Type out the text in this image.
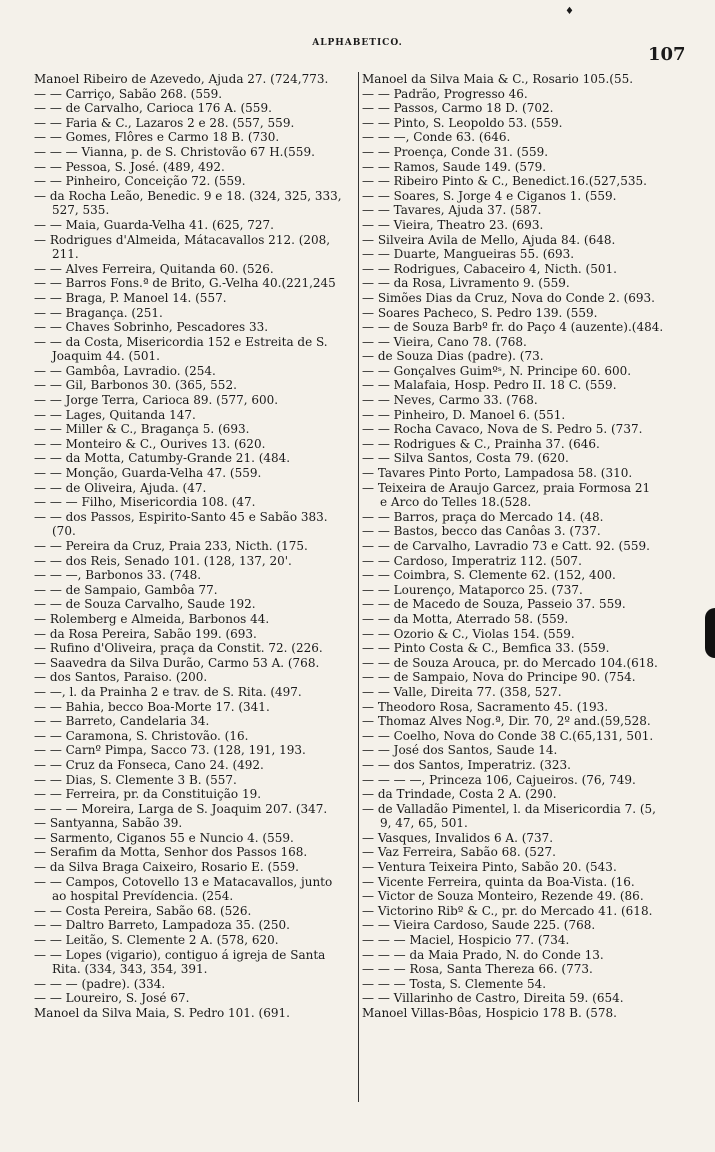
♦
ALPHABETICO.
107
Manoel Ribeiro de Azevedo, Ajuda 27. (724,773.
— — Carriço, Sabão 268. (559.
— — de Carvalho, Carioca 176 A. (559.
— — Faria & C., Lazaros 2 e 28. (557, 559.
— — Gomes, Flôres e Carmo 18 B. (730.
— — — Vianna, p. de S. Christovão 67 H.(559.
— — Pessoa, S. José. (489, 492.
— — Pinheiro, Conceição 72. (559.
— da Rocha Leão, Benedic. 9 e 18. (324, 325, 333,
527, 535.
— — Maia, Guarda-Velha 41. (625, 727.
— Rodrigues d'Almeida, Mátacavallos 212. (208,
211.
— — Alves Ferreira, Quitanda 60. (526.
— — Barros Fons.ª de Brito, G.-Velha 40.(221,245
— — Braga, P. Manoel 14. (557.
— — Bragança. (251.
— — Chaves Sobrinho, Pescadores 33.
— — da Costa, Misericordia 152 e Estreita de S.
Joaquim 44. (501.
— — Gambôa, Lavradio. (254.
— — Gil, Barbonos 30. (365, 552.
— — Jorge Terra, Carioca 89. (577, 600.
— — Lages, Quitanda 147.
— — Miller & C., Bragança 5. (693.
— — Monteiro & C., Ourives 13. (620.
— — da Motta, Catumby-Grande 21. (484.
— — Monção, Guarda-Velha 47. (559.
— — de Oliveira, Ajuda. (47.
— — — Filho, Misericordia 108. (47.
— — dos Passos, Espirito-Santo 45 e Sabão 383.
(70.
— — Pereira da Cruz, Praia 233, Nicth. (175.
— — dos Reis, Senado 101. (128, 137, 20'.
— — —, Barbonos 33. (748.
— — de Sampaio, Gambôa 77.
— — de Souza Carvalho, Saude 192.
— Rolemberg e Almeida, Barbonos 44.
— da Rosa Pereira, Sabão 199. (693.
— Rufino d'Oliveira, praça da Constit. 72. (226.
— Saavedra da Silva Durão, Carmo 53 A. (768.
— dos Santos, Paraiso. (200.
— —, l. da Prainha 2 e trav. de S. Rita. (497.
— — Bahia, becco Boa-Morte 17. (341.
— — Barreto, Candelaria 34.
— — Caramona, S. Christovão. (16.
— — Carnº Pimpa, Sacco 73. (128, 191, 193.
— — Cruz da Fonseca, Cano 24. (492.
— — Dias, S. Clemente 3 B. (557.
— — Ferreira, pr. da Constituição 19.
— — — Moreira, Larga de S. Joaquim 207. (347.
— Santyanna, Sabão 39.
— Sarmento, Ciganos 55 e Nuncio 4. (559.
— Serafim da Motta, Senhor dos Passos 168.
— da Silva Braga Caixeiro, Rosario E. (559.
— — Campos, Cotovello 13 e Matacavallos, junto
ao hospital Prevídencia. (254.
— — Costa Pereira, Sabão 68. (526.
— — Daltro Barreto, Lampadoza 35. (250.
— — Leitão, S. Clemente 2 A. (578, 620.
— — Lopes (vigario), contiguo á igreja de Santa
Rita. (334, 343, 354, 391.
— — — (padre). (334.
— — Loureiro, S. José 67.
Manoel da Silva Maia, S. Pedro 101. (691.
Manoel da Silva Maia & C., Rosario 105.(55.
— — Padrão, Progresso 46.
— — Passos, Carmo 18 D. (702.
— — Pinto, S. Leopoldo 53. (559.
— — —, Conde 63. (646.
— — Proença, Conde 31. (559.
— — Ramos, Saude 149. (579.
— — Ribeiro Pinto & C., Benedict.16.(527,535.
— — Soares, S. Jorge 4 e Ciganos 1. (559.
— — Tavares, Ajuda 37. (587.
— — Vieira, Theatro 23. (693.
— Silveira Avila de Mello, Ajuda 84. (648.
— — Duarte, Mangueiras 55. (693.
— — Rodrigues, Cabaceiro 4, Nicth. (501.
— — da Rosa, Livramento 9. (559.
— Simões Dias da Cruz, Nova do Conde 2. (693.
— Soares Pacheco, S. Pedro 139. (559.
— — de Souza Barbº fr. do Paço 4 (auzente).(484.
— — Vieira, Cano 78. (768.
— de Souza Dias (padre). (73.
— — Gonçalves Guimºˢ, N. Principe 60. 600.
— — Malafaia, Hosp. Pedro II. 18 C. (559.
— — Neves, Carmo 33. (768.
— — Pinheiro, D. Manoel 6. (551.
— — Rocha Cavaco, Nova de S. Pedro 5. (737.
— — Rodrigues & C., Prainha 37. (646.
— — Silva Santos, Costa 79. (620.
— Tavares Pinto Porto, Lampadosa 58. (310.
— Teixeira de Araujo Garcez, praia Formosa 21
e Arco do Telles 18.(528.
— — Barros, praça do Mercado 14. (48.
— — Bastos, becco das Canôas 3. (737.
— — de Carvalho, Lavradio 73 e Catt. 92. (559.
— — Cardoso, Imperatriz 112. (507.
— — Coimbra, S. Clemente 62. (152, 400.
— — Lourenço, Mataporco 25. (737.
— — de Macedo de Souza, Passeio 37. 559.
— — da Motta, Aterrado 58. (559.
— — Ozorio & C., Violas 154. (559.
— — Pinto Costa & C., Bemfica 33. (559.
— — de Souza Arouca, pr. do Mercado 104.(618.
— — de Sampaio, Nova do Principe 90. (754.
— — Valle, Direita 77. (358, 527.
— Theodoro Rosa, Sacramento 45. (193.
— Thomaz Alves Nog.ª, Dir. 70, 2º and.(59,528.
— — Coelho, Nova do Conde 38 C.(65,131, 501.
— — José dos Santos, Saude 14.
— — dos Santos, Imperatriz. (323.
— — — —, Princeza 106, Cajueiros. (76, 749.
— da Trindade, Costa 2 A. (290.
— de Valladão Pimentel, l. da Misericordia 7. (5,
9, 47, 65, 501.
— Vasques, Invalidos 6 A. (737.
— Vaz Ferreira, Sabão 68. (527.
— Ventura Teixeira Pinto, Sabão 20. (543.
— Vicente Ferreira, quinta da Boa-Vista. (16.
— Victor de Souza Monteiro, Rezende 49. (86.
— Victorino Ribº & C., pr. do Mercado 41. (618.
— — Vieira Cardoso, Saude 225. (768.
— — — Maciel, Hospicio 77. (734.
— — — da Maia Prado, N. do Conde 13.
— — — Rosa, Santa Thereza 66. (773.
— — — Tosta, S. Clemente 54.
— — Villarinho de Castro, Direita 59. (654.
Manoel Villas-Bôas, Hospicio 178 B. (578.
